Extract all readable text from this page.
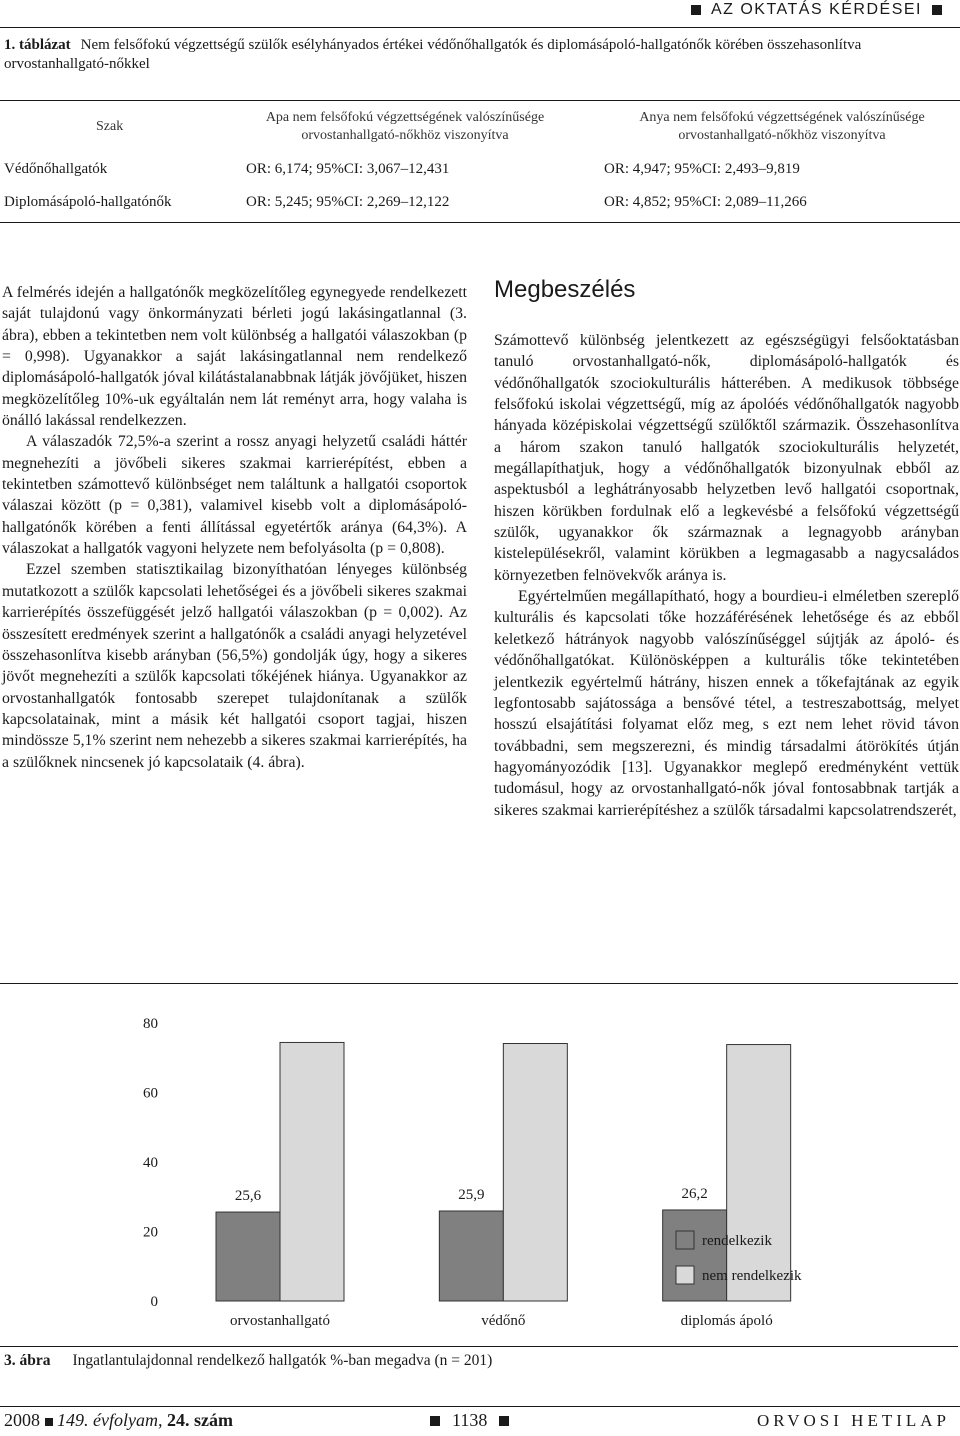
AZ OKTATÁS KÉRDÉSEI
1. táblázat Nem felsőfokú végzettségű szülők esélyhányados értékei védőnőhallgatók és diplomásápoló-hallgatónők körében összehasonlítva orvostanhallgató-nőkkel
Szak
Apa nem felsőfokú végzettségének valószínűsége
orvostanhallgató-nőkhöz viszonyítva
Anya nem felsőfokú végzettségének valószínűsége
orvostanhallgató-nőkhöz viszonyítva
Védőnőhallgatók	OR: 6,174; 95%CI: 3,067–12,431	OR: 4,947; 95%CI: 2,493–9,819
Diplomásápoló-hallgatónők	OR: 5,245; 95%CI: 2,269–12,122	OR: 4,852; 95%CI: 2,089–11,266

A felmérés idején a hallgatónők megközelítőleg egynegyede rendelkezett saját tulajdonú vagy önkormányzati bérleti jogú lakásingatlannal (3. ábra), ebben a tekintetben nem volt különbség a hallgatói válaszokban (p = 0,998). Ugyanakkor a saját lakásingatlannal nem rendelkező diplomásápoló-hallgatók jóval kilátástalanabbnak látják jövőjüket, hiszen megközelítőleg 10%-uk egyáltalán nem lát reményt arra, hogy valaha is önálló lakással rendelkezzen.

A válaszadók 72,5%-a szerint a rossz anyagi helyzetű családi háttér megnehezíti a jövőbeli sikeres szakmai karrierépítést, ebben a tekintetben számottevő különbséget nem találtunk a hallgatói csoportok válaszai között (p = 0,381), valamivel kisebb volt a diplomásápoló-hallgatónők körében a fenti állítással egyetértők aránya (64,3%). A válaszokat a hallgatók vagyoni helyzete nem befolyásolta (p = 0,808).

Ezzel szemben statisztikailag bizonyíthatóan lényeges különbség mutatkozott a szülők kapcsolati lehetőségei és a jövőbeli sikeres szakmai karrierépítés összefüggését jelző hallgatói válaszokban (p = 0,002). Az összesített eredmények szerint a hallgatónők a családi anyagi helyzetével összehasonlítva kisebb arányban (56,5%) gondolják úgy, hogy a sikeres jövőt megnehezíti a szülők kapcsolati tőkéjének hiánya. Ugyanakkor az orvostanhallgatók fontosabb szerepet tulajdonítanak a szülők kapcsolatainak, mint a másik két hallgatói csoport tagjai, hiszen mindössze 5,1% szerint nem nehezebb a sikeres szakmai karrierépítés, ha a szülőknek nincsenek jó kapcsolataik (4. ábra).

Megbeszélés

Számottevő különbség jelentkezett az egészségügyi felsőoktatásban tanuló orvostanhallgató-nők, diplomásápoló-hallgatók és védőnőhallgatók szociokulturális hátterében. A medikusok többsége felsőfokú iskolai végzettségű, míg az ápolóés védőnőhallgatók nagyobb hányada középiskolai végzettségű szülőktől származik. Összehasonlítva a három szakon tanuló hallgatók szociokulturális helyzetét, megállapíthatjuk, hogy a védőnőhallgatók bizonyulnak ebből az aspektusból a leghátrányosabb helyzetben levő hallgatói csoportnak, hiszen körükben fordulnak elő a legkevésbé a felsőfokú végzettségű szülők, ugyanakkor ők származnak a legnagyobb arányban kistelepülésekről, valamint körükben a legmagasabb a nagycsaládos környezetben felnövekvők aránya is.

Egyértelműen megállapítható, hogy a bourdieu-i elméletben szereplő kulturális és kapcsolati tőke hozzáférésének lehetősége és az ebből keletkező hátrányok nagyobb valószínűséggel sújtják az ápoló- és védőnőhallgatókat. Különösképpen a kulturális tőke tekintetében jelentkezik egyértelmű hátrány, hiszen ennek a tőkefajtának az egyik legfontosabb sajátossága a bensővé tétel, a testreszabottság, melyet hosszú elsajátítási folyamat előz meg, s ezt nem lehet rövid távon továbbadni, sem megszerezni, és mindig társadalmi átörökítés útján hagyományozódik [13]. Ugyanakkor meglepő eredményként vettük tudomásul, hogy az orvostanhallgató-nők jóval fontosabbnak tartják a sikeres szakmai karrierépítéshez a szülők társadalmi kapcsolatrendszerét,

0
20
40
60
80
25,6
orvostanhallgató
25,9
védőnő
26,2
diplomás ápoló
rendelkezik
nem rendelkezik
3. ábra Ingatlantulajdonnal rendelkező hallgatók %-ban megadva (n = 201)
2008 149. évfolyam, 24. szám	1138	ORVOSI HETILAP
